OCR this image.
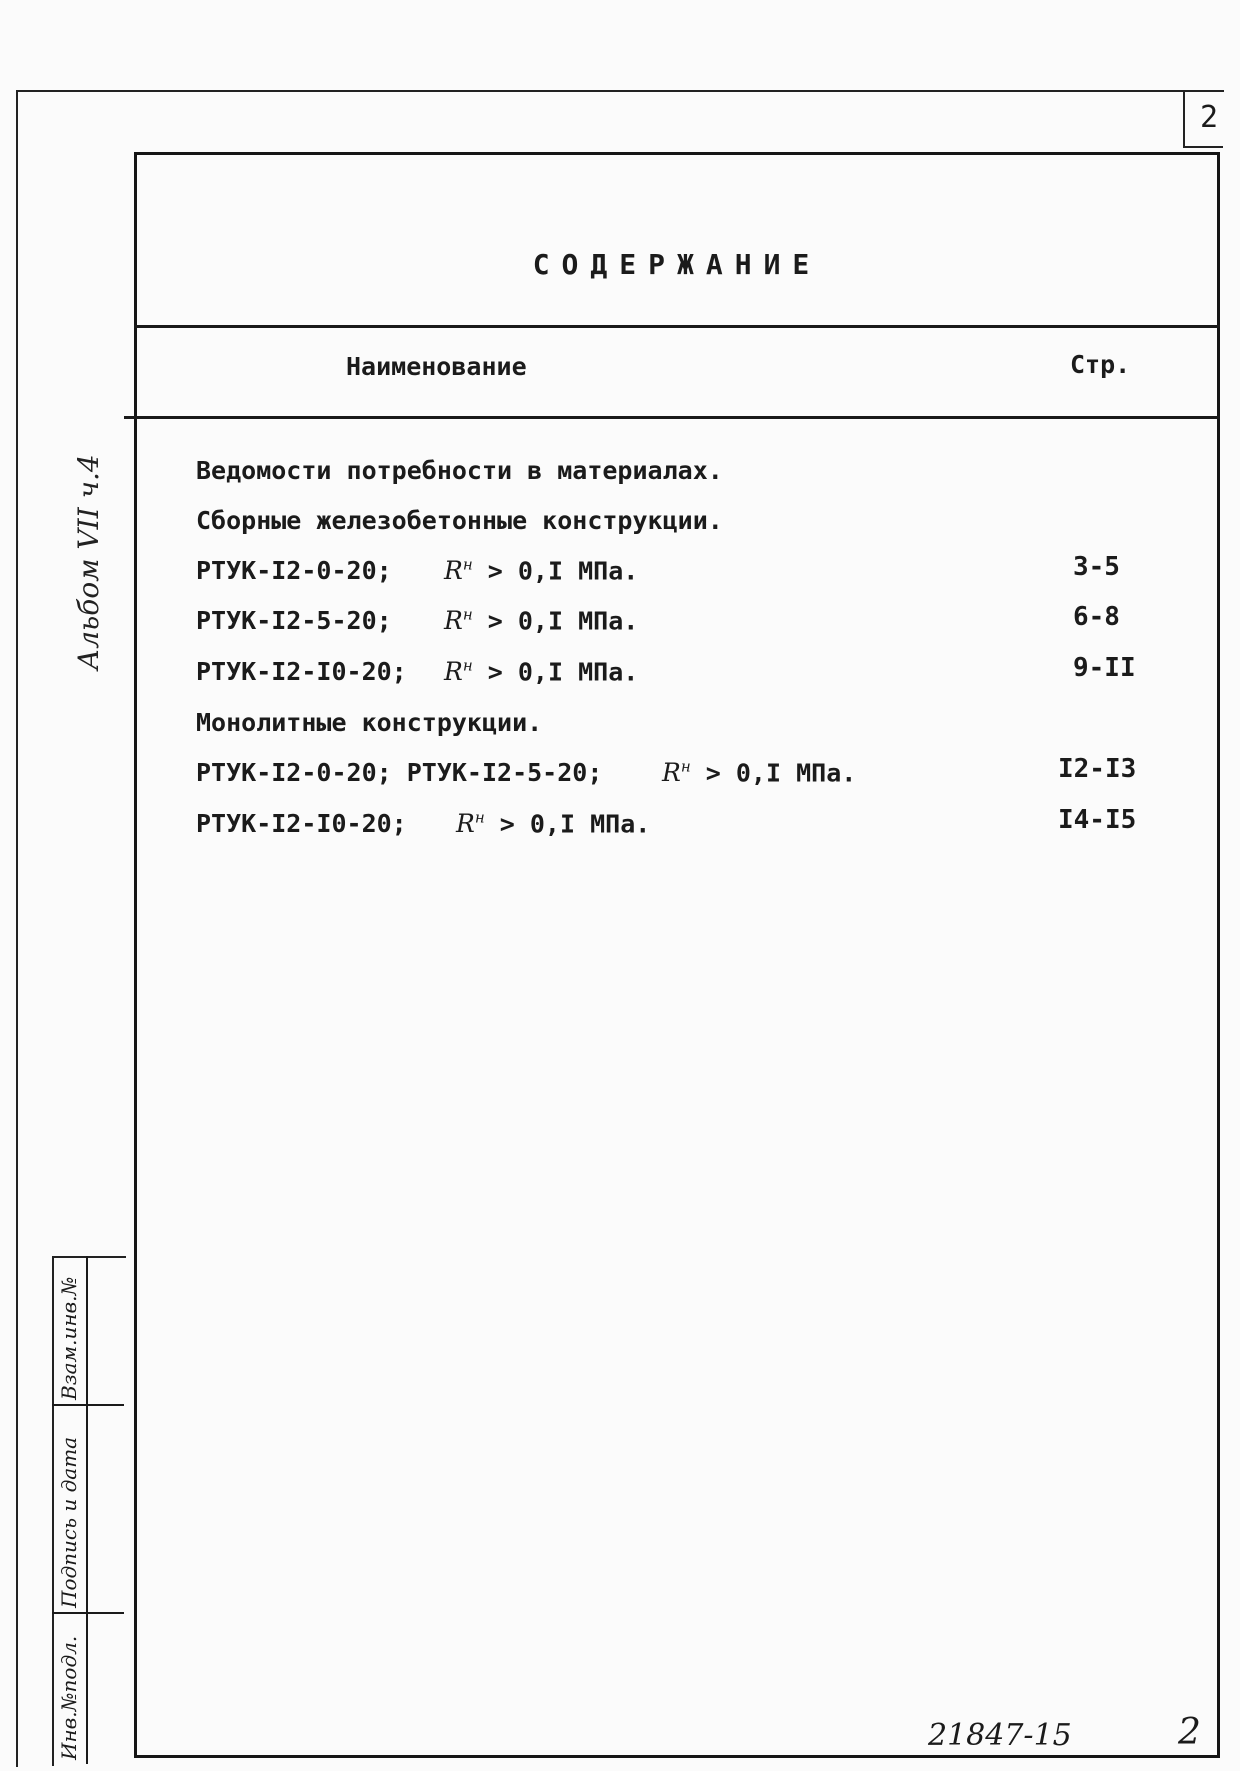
2
СОДЕРЖАНИЕ
Наименование	Стр.
Ведомости потребности в материалах.
Сборные железобетонные конструкции.
РТУК-I2-0-20; $R^н > 0,I$ МПа.	3-5
РТУК-I2-5-20; $R^н > 0,I$ МПа.	6-8
РТУК-I2-I0-20; $R^н > 0,I$ МПа.	9-II
Монолитные конструкции.
РТУК-I2-0-20; РТУК-I2-5-20; $R^н > 0,I$ МПа.	I2-I3
РТУК-I2-I0-20; $R^н > 0,I$ МПа.	I4-I5
Альбом VII ч.4
Взам.инв.№
Подпись и дата
Инв.№подл.	21847-15	2
